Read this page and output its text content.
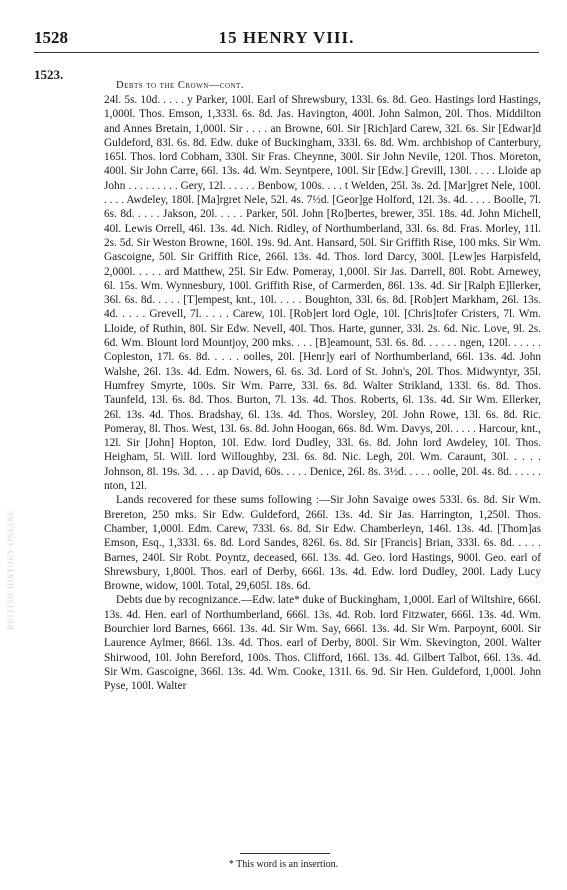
1528	15 HENRY VIII.
1523.
BRITISH HISTORY ONLINE
Debts to the Crown—cont.

24l. 5s. 10d. . . . . y Parker, 100l. Earl of Shrewsbury, 133l. 6s. 8d. Geo. Hastings lord Hastings, 1,000l. Thos. Emson, 1,333l. 6s. 8d. Jas. Havington, 400l. John Salmon, 20l. Thos. Middilton and Annes Bretain, 1,000l. Sir . . . . an Browne, 60l. Sir [Rich]ard Carew, 32l. 6s. Sir [Edwar]d Guldeford, 83l. 6s. 8d. Edw. duke of Buckingham, 333l. 6s. 8d. Wm. archbishop of Canterbury, 165l. Thos. lord Cobham, 330l. Sir Fras. Cheynne, 300l. Sir John Nevile, 120l. Thos. Moreton, 400l. Sir John Carre, 66l. 13s. 4d. Wm. Seyntpere, 100l. Sir [Edw.] Grevill, 130l. . . . . Lloide ap John . . . . . . . . . Gery, 12l. . . . . . Benbow, 100s. . . . t Welden, 25l. 3s. 2d. [Mar]gret Nele, 100l. . . . . Awdeley, 180l. [Ma]rgret Nele, 52l. 4s. 7½d. [Geor]ge Holford, 12l. 3s. 4d. . . . . Boolle, 7l. 6s. 8d. . . . . Jakson, 20l. . . . . Parker, 50l. John [Ro]bertes, brewer, 35l. 18s. 4d. John Michell, 40l. Lewis Orrell, 46l. 13s. 4d. Nich. Ridley, of Northumberland, 33l. 6s. 8d. Fras. Morley, 11l. 2s. 5d. Sir Weston Browne, 160l. 19s. 9d. Ant. Hansard, 50l. Sir Griffith Rise, 100 mks. Sir Wm. Gascoigne, 50l. Sir Griffith Rice, 266l. 13s. 4d. Thos. lord Darcy, 300l. [Lew]es Harpisfeld, 2,000l. . . . . ard Matthew, 25l. Sir Edw. Pomeray, 1,000l. Sir Jas. Darrell, 80l. Robt. Arnewey, 6l. 15s. Wm. Wynnesbury, 100l. Griffith Rise, of Carmerden, 86l. 13s. 4d. Sir [Ralph E]llerker, 36l. 6s. 8d. . . . . [T]empest, knt., 10l. . . . . Boughton, 33l. 6s. 8d. [Rob]ert Markham, 26l. 13s. 4d. . . . . Grevell, 7l. . . . . Carew, 10l. [Rob]ert lord Ogle, 10l. [Chris]tofer Cristers, 7l. Wm. Lloide, of Ruthin, 80l. Sir Edw. Nevell, 40l. Thos. Harte, gunner, 33l. 2s. 6d. Nic. Love, 9l. 2s. 6d. Wm. Blount lord Mountjoy, 200 mks. . . . [B]eamount, 53l. 6s. 8d. . . . . . ngen, 120l. . . . . . Copleston, 17l. 6s. 8d. . . . . oolles, 20l. [Henr]y earl of Northumberland, 66l. 13s. 4d. John Walshe, 26l. 13s. 4d. Edm. Nowers, 6l. 6s. 3d. Lord of St. John's, 20l. Thos. Midwyntyr, 35l. Humfrey Smyrte, 100s. Sir Wm. Parre, 33l. 6s. 8d. Walter Strikland, 133l. 6s. 8d. Thos. Taunfeld, 13l. 6s. 8d. Thos. Burton, 7l. 13s. 4d. Thos. Roberts, 6l. 13s. 4d. Sir Wm. Ellerker, 26l. 13s. 4d. Thos. Bradshay, 6l. 13s. 4d. Thos. Worsley, 20l. John Rowe, 13l. 6s. 8d. Ric. Pomeray, 8l. Thos. West, 13l. 6s. 8d. John Hoogan, 66s. 8d. Wm. Davys, 20l. . . . . Harcour, knt., 12l. Sir [John] Hopton, 10l. Edw. lord Dudley, 33l. 6s. 8d. John lord Awdeley, 10l. Thos. Heigham, 5l. Will. lord Willoughby, 23l. 6s. 8d. Nic. Legh, 20l. Wm. Caraunt, 30l. . . . . Johnson, 8l. 19s. 3d. . . . ap David, 60s. . . . . Denice, 26l. 8s. 3½d. . . . . oolle, 20l. 4s. 8d. . . . . . nton, 12l.

Lands recovered for these sums following :—Sir John Savaige owes 533l. 6s. 8d. Sir Wm. Brereton, 250 mks. Sir Edw. Guldeford, 266l. 13s. 4d. Sir Jas. Harrington, 1,250l. Thos. Chamber, 1,000l. Edm. Carew, 733l. 6s. 8d. Sir Edw. Chamberleyn, 146l. 13s. 4d. [Thom]as Emson, Esq., 1,333l. 6s. 8d. Lord Sandes, 826l. 6s. 8d. Sir [Francis] Brian, 333l. 6s. 8d. . . . . Barnes, 240l. Sir Robt. Poyntz, deceased, 66l. 13s. 4d. Geo. lord Hastings, 900l. Geo. earl of Shrewsbury, 1,800l. Thos. earl of Derby, 666l. 13s. 4d. Edw. lord Dudley, 200l. Lady Lucy Browne, widow, 100l. Total, 29,605l. 18s. 6d.

Debts due by recognizance.—Edw. late* duke of Buckingham, 1,000l. Earl of Wiltshire, 666l. 13s. 4d. Hen. earl of Northumberland, 666l. 13s. 4d. Rob. lord Fitzwater, 666l. 13s. 4d. Wm. Bourchier lord Barnes, 666l. 13s. 4d. Sir Wm. Say, 666l. 13s. 4d. Sir Wm. Parpoynt, 600l. Sir Laurence Aylmer, 866l. 13s. 4d. Thos. earl of Derby, 800l. Sir Wm. Skevington, 200l. Walter Shirwood, 10l. John Bereford, 100s. Thos. Clifford, 166l. 13s. 4d. Gilbert Talbot, 66l. 13s. 4d. Sir Wm. Gascoigne, 366l. 13s. 4d. Wm. Cooke, 131l. 6s. 9d. Sir Hen. Guldeford, 1,000l. John Pyse, 100l. Walter

* This word is an insertion.
